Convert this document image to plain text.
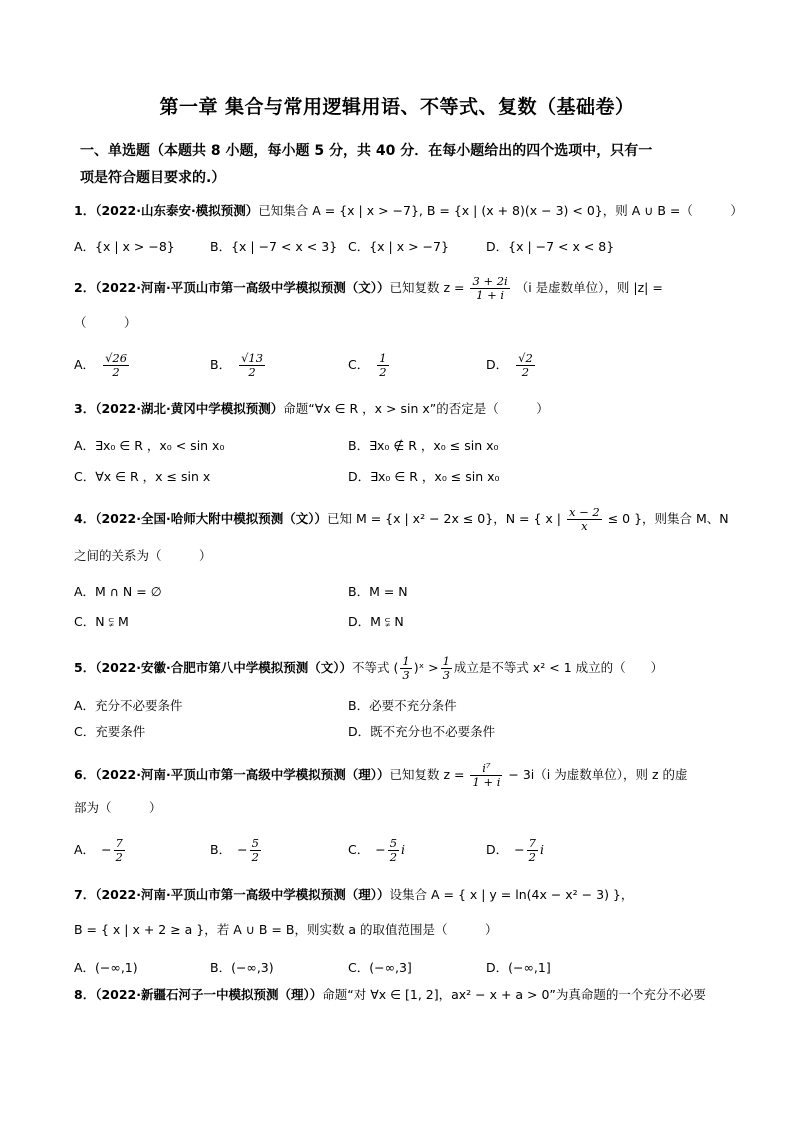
第一章 集合与常用逻辑用语、不等式、复数（基础卷）
一、单选题（本题共 8 小题，每小题 5 分，共 40 分．在每小题给出的四个选项中，只有一
项是符合题目要求的.）
1．（2022·山东泰安·模拟预测）已知集合 A = {x | x > −7}, B = {x | (x + 8)(x − 3) < 0}，则 A ∪ B =（　　　）
A．{x | x > −8}	B．{x | −7 < x < 3} C．{x | x > −7}	D．{x | −7 < x < 8}
2．（2022·河南·平顶山市第一高级中学模拟预测（文））已知复数 $z = \frac{3 + 2i}{1 + i} (i$ 是虚数单位），则 |z| =
（　　　）
A． $\frac{√26}{2}$	B． $\frac{√13}{2}$	C． $\frac{1}{2}$	D． $\frac{√2}{2}$
3．（2022·湖北·黄冈中学模拟预测）命题“∀x ∈ R ，x > sin x”的否定是（　　　）
A．∃x₀ ∈ R ，x₀ < sin x₀	B．∃x₀ ∉ R ，x₀ ≤ sin x₀
C．∀x ∈ R ，x ≤ sin x	D．∃x₀ ∈ R ，x₀ ≤ sin x₀
4．（2022·全国·哈师大附中模拟预测（文））已知 M = {x | x² − 2x ≤ 0}，N = { x | $\frac{x - 2}{x} \le 0$ }，则集合 M、N
之间的关系为（　　　）
A．M ∩ N = ∅	B．M = N
C．N ⫋ M	D．M ⫋ N
5．（2022·安徽·合肥市第八中学模拟预测（文））不等式 ( $\frac{1}{3}$ )ˣ > $\frac{1}{3}$ 成立是不等式 x² < 1 成立的（　　）
A．充分不必要条件	B．必要不充分条件
C．充要条件	D．既不充分也不必要条件
6．（2022·河南·平顶山市第一高级中学模拟预测（理））已知复数 $z = \frac{\text{i⁷}}{1 + i} - 3i(i$ 为虚数单位），则 z 的虚
部为（　　　）
A． − $\frac{7}{2}$	B． − $\frac{5}{2}$	C． − $\frac{5}{2}$ i	D． − $\frac{7}{2}$ i
7．（2022·河南·平顶山市第一高级中学模拟预测（理））设集合 A = { x | y = ln(4x − x² − 3) }，
B = { x | x + 2 ≥ a }，若 A ∪ B = B，则实数 a 的取值范围是（　　　）
A．(−∞,1)	B．(−∞,3)	C．(−∞,3]	D．(−∞,1]
8．（2022·新疆石河子一中模拟预测（理））命题“对 ∀x ∈ [1, 2]，ax² − x + a > 0”为真命题的一个充分不必要
